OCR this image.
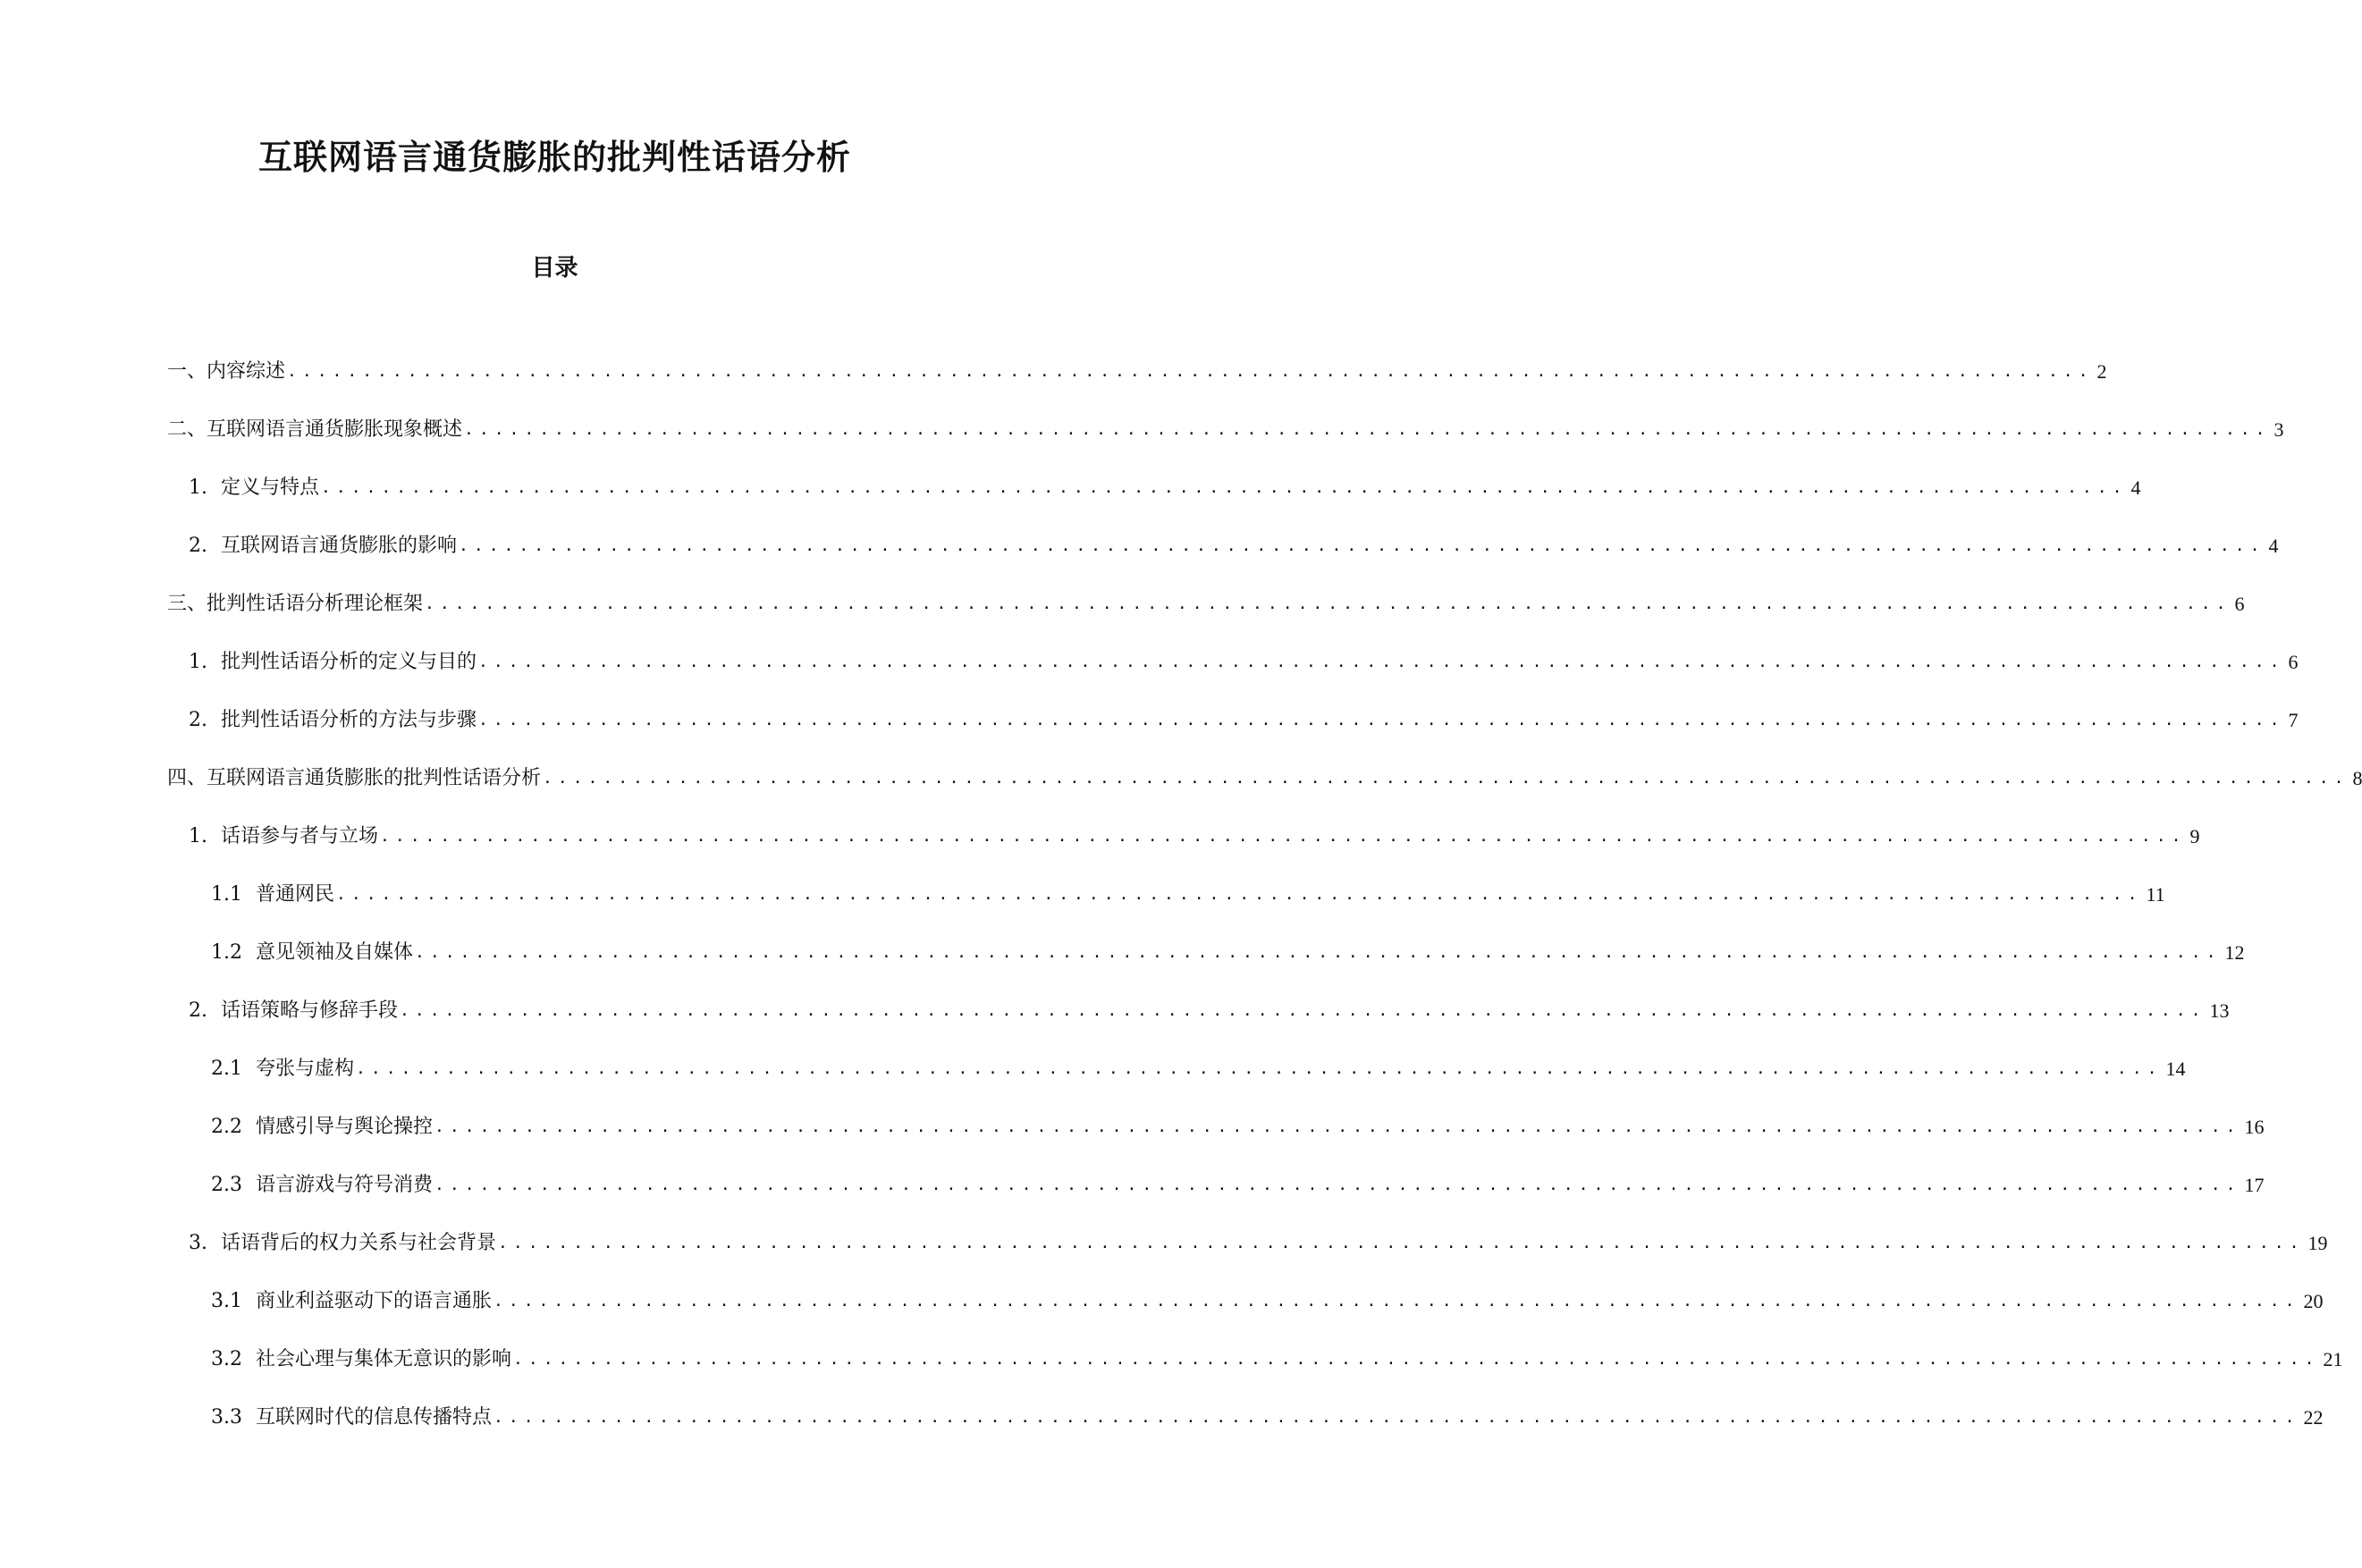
互联网语言通货膨胀的批判性话语分析
目录
一、内容综述 ........................................................................................................................ 2
二、互联网语言通货膨胀现象概述 ........................................................................................................................ 3
1. 定义与特点 ........................................................................................................................ 4
2. 互联网语言通货膨胀的影响 ........................................................................................................................ 4
三、批判性话语分析理论框架 ........................................................................................................................ 6
1. 批判性话语分析的定义与目的 ........................................................................................................................ 6
2. 批判性话语分析的方法与步骤 ........................................................................................................................ 7
四、互联网语言通货膨胀的批判性话语分析 ........................................................................................................................ 8
1. 话语参与者与立场 ........................................................................................................................ 9
1.1 普通网民 ........................................................................................................................ 11
1.2 意见领袖及自媒体 ........................................................................................................................ 12
2. 话语策略与修辞手段 ........................................................................................................................ 13
2.1 夸张与虚构 ........................................................................................................................ 14
2.2 情感引导与舆论操控 ........................................................................................................................ 16
2.3 语言游戏与符号消费 ........................................................................................................................ 17
3. 话语背后的权力关系与社会背景 ........................................................................................................................ 19
3.1 商业利益驱动下的语言通胀 ........................................................................................................................ 20
3.2 社会心理与集体无意识的影响 ........................................................................................................................ 21
3.3 互联网时代的信息传播特点 ........................................................................................................................ 22
